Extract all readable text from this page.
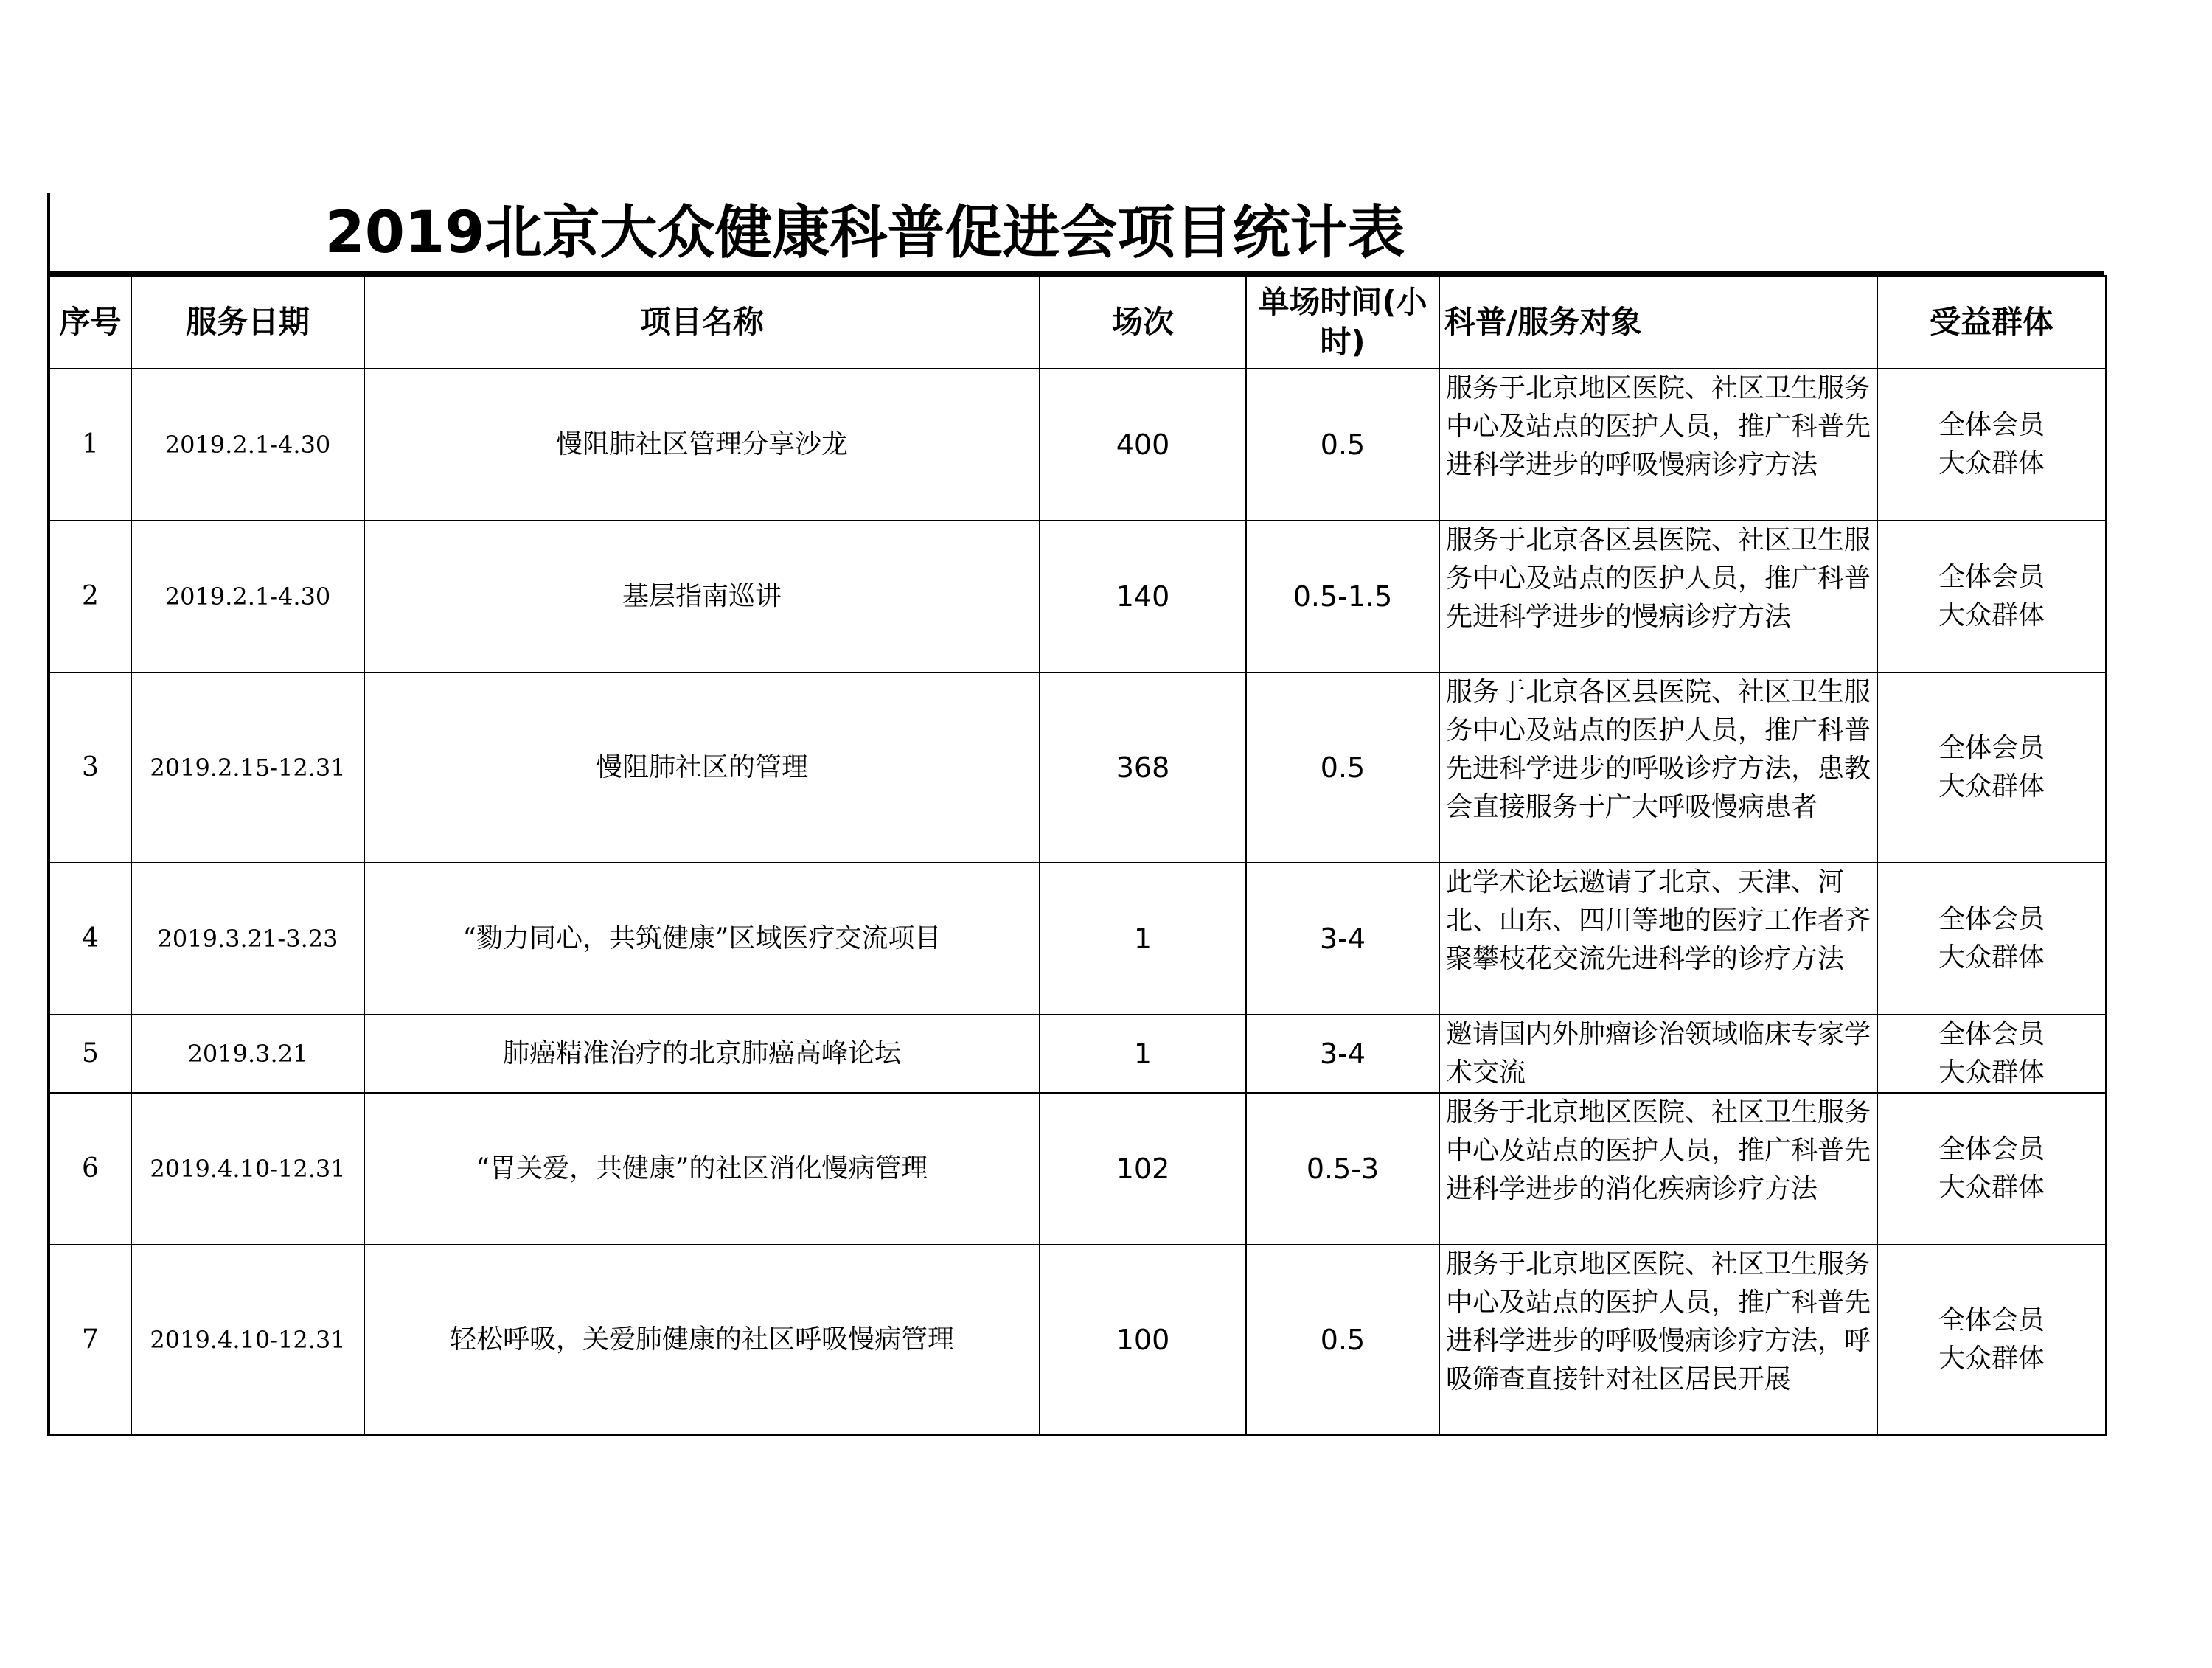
2019北京大众健康科普促进会项目统计表
序号	服务日期	项目名称	场次	单场时间(小时)	科普/服务对象	受益群体
1	2019.2.1-4.30	慢阻肺社区管理分享沙龙	400	0.5	服务于北京地区医院、社区卫生服务中心及站点的医护人员，推广科普先进科学进步的呼吸慢病诊疗方法	全体会员
大众群体

2	2019.2.1-4.30	基层指南巡讲	140	0.5-1.5	服务于北京各区县医院、社区卫生服务中心及站点的医护人员，推广科普先进科学进步的慢病诊疗方法	全体会员
大众群体

3	2019.2.15-12.31	慢阻肺社区的管理	368	0.5	服务于北京各区县医院、社区卫生服务中心及站点的医护人员，推广科普先进科学进步的呼吸诊疗方法，患教会直接服务于广大呼吸慢病患者	全体会员
大众群体

4	2019.3.21-3.23	“勠力同心，共筑健康”区域医疗交流项目	1	3-4	此学术论坛邀请了北京、天津、河北、山东、四川等地的医疗工作者齐聚攀枝花交流先进科学的诊疗方法	全体会员
大众群体

5	2019.3.21	肺癌精准治疗的北京肺癌高峰论坛	1	3-4	邀请国内外肿瘤诊治领域临床专家学术交流	全体会员
大众群体

6	2019.4.10-12.31	“胃关爱，共健康”的社区消化慢病管理	102	0.5-3	服务于北京地区医院、社区卫生服务中心及站点的医护人员，推广科普先进科学进步的消化疾病诊疗方法	全体会员
大众群体

7	2019.4.10-12.31	轻松呼吸，关爱肺健康的社区呼吸慢病管理	100	0.5	服务于北京地区医院、社区卫生服务中心及站点的医护人员，推广科普先进科学进步的呼吸慢病诊疗方法，呼吸筛查直接针对社区居民开展	全体会员
大众群体
